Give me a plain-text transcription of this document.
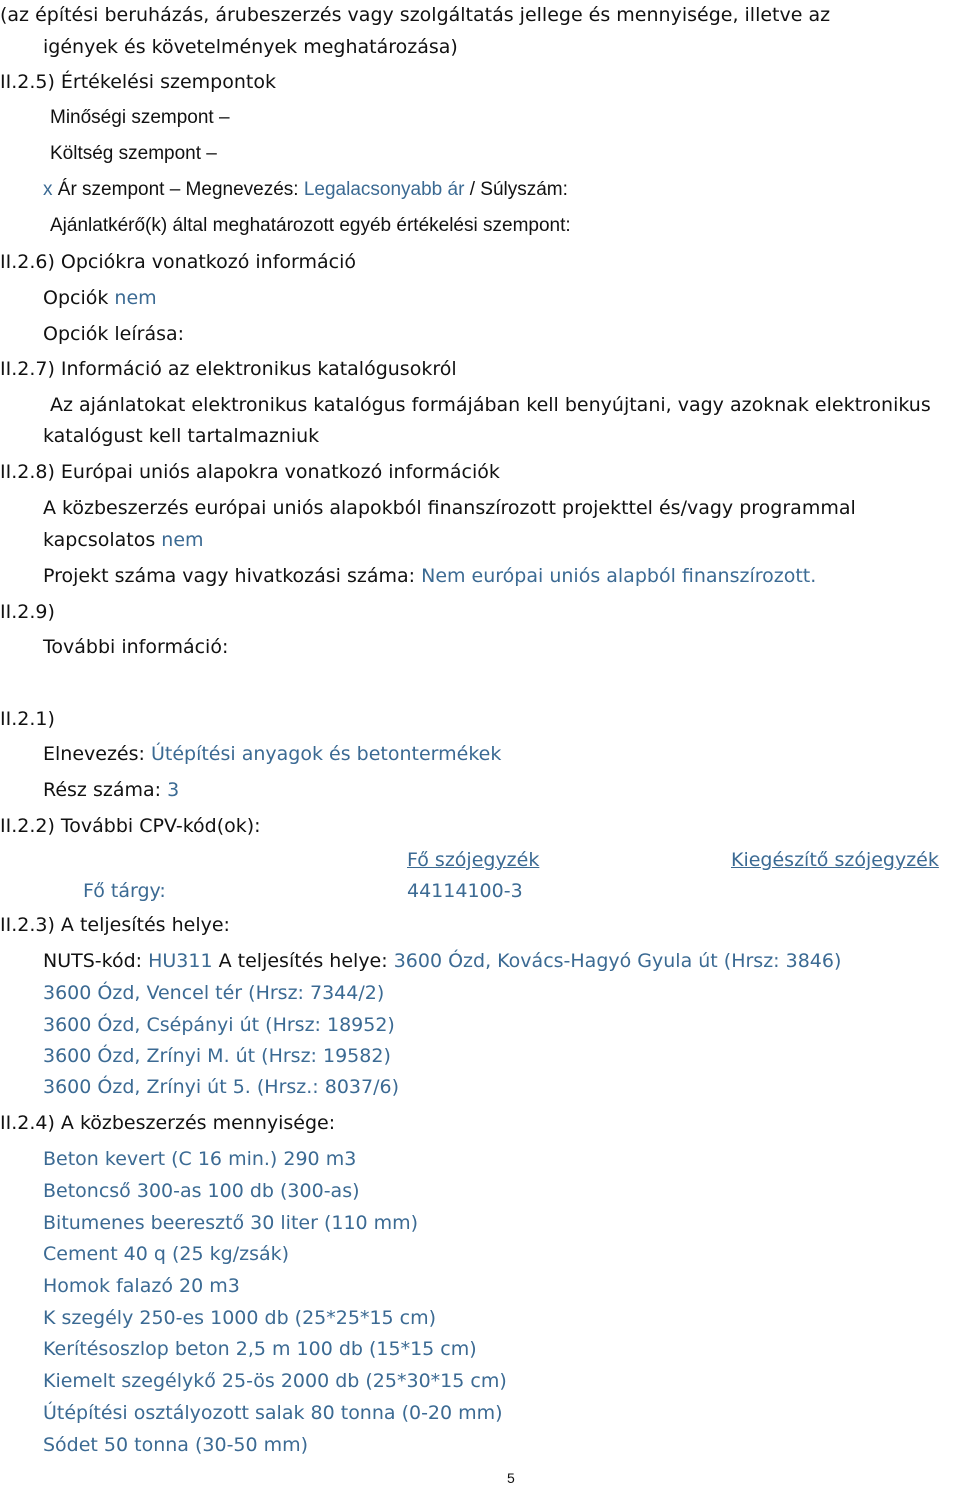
(az építési beruházás, árubeszerzés vagy szolgáltatás jellege és mennyisége, illetve az
igények és követelmények meghatározása)
II.2.5) Értékelési szempontok
Minőségi szempont –
Költség szempont –
x Ár szempont – Megnevezés: Legalacsonyabb ár / Súlyszám:
Ajánlatkérő(k) által meghatározott egyéb értékelési szempont:
II.2.6) Opciókra vonatkozó információ
Opciók nem
Opciók leírása:
II.2.7) Információ az elektronikus katalógusokról
Az ajánlatokat elektronikus katalógus formájában kell benyújtani, vagy azoknak elektronikus
katalógust kell tartalmazniuk
II.2.8) Európai uniós alapokra vonatkozó információk
A közbeszerzés európai uniós alapokból finanszírozott projekttel és/vagy programmal
kapcsolatos nem
Projekt száma vagy hivatkozási száma: Nem európai uniós alapból finanszírozott.
II.2.9)
További információ:
II.2.1)
Elnevezés: Útépítési anyagok és betontermékek
Rész száma: 3
II.2.2) További CPV-kód(ok):
Fő szójegyzék	Kiegészítő szójegyzék
Fő tárgy:	44114100-3
II.2.3) A teljesítés helye:
NUTS-kód: HU311 A teljesítés helye: 3600 Ózd, Kovács-Hagyó Gyula út (Hrsz: 3846)
3600 Ózd, Vencel tér (Hrsz: 7344/2)
3600 Ózd, Csépányi út (Hrsz: 18952)
3600 Ózd, Zrínyi M. út (Hrsz: 19582)
3600 Ózd, Zrínyi út 5. (Hrsz.: 8037/6)
II.2.4) A közbeszerzés mennyisége:
Beton kevert (C 16 min.) 290 m3
Betoncső 300-as 100 db (300-as)
Bitumenes beeresztő 30 liter (110 mm)
Cement 40 q (25 kg/zsák)
Homok falazó 20 m3
K szegély 250-es 1000 db (25*25*15 cm)
Kerítésoszlop beton 2,5 m 100 db (15*15 cm)
Kiemelt szegélykő 25-ös 2000 db (25*30*15 cm)
Útépítési osztályozott salak 80 tonna (0-20 mm)
Sódet 50 tonna (30-50 mm)
5
